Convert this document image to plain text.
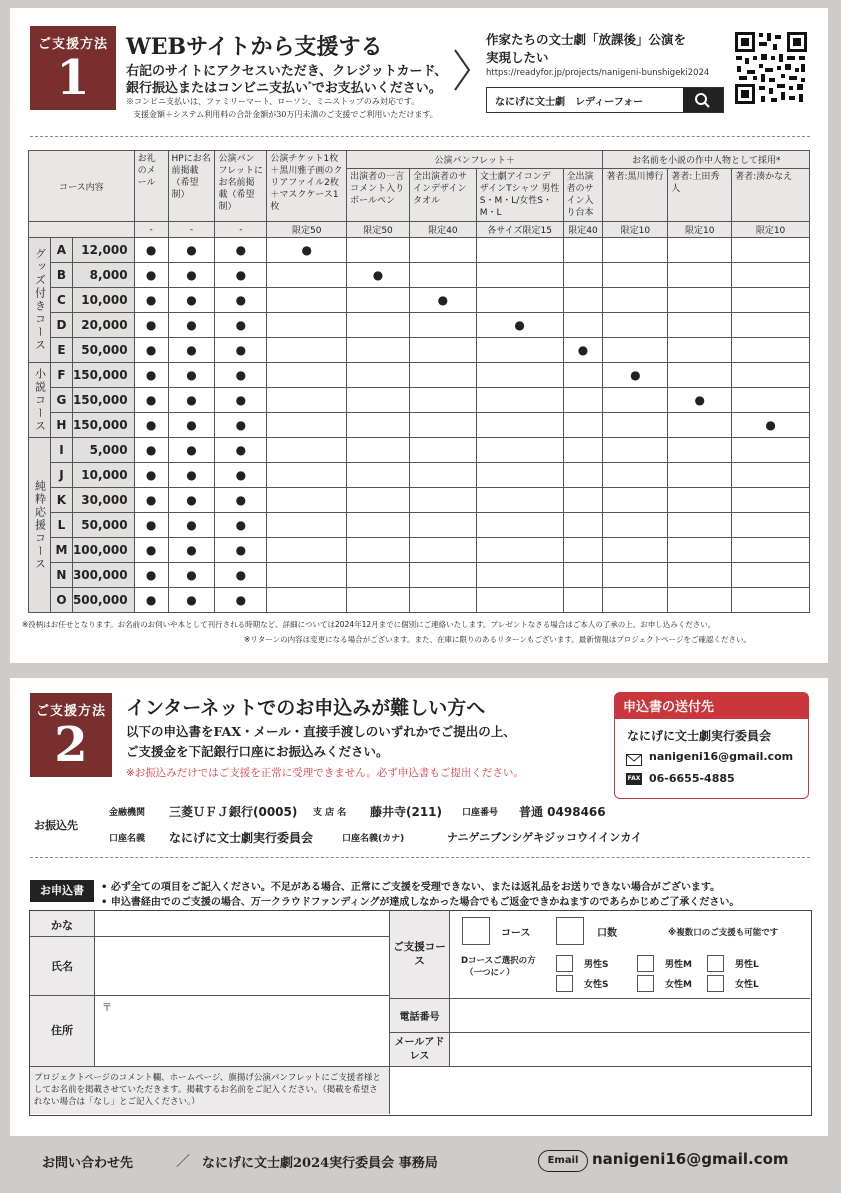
ご支援方法
1
WEBサイトから支援する
右記のサイトにアクセスいただき、クレジットカード、
銀行振込またはコンビニ支払い*でお支払いください。
※コンビニ支払いは、ファミリーマート、ローソン、ミニストップのみ対応です。
支援金額＋システム利用料の合計金額が30万円未満のご支援でご利用いただけます。
作家たちの文士劇「放課後」公演を
実現したい
https://readyfor.jp/projects/nanigeni-bunshigeki2024
なにげに文士劇　レディーフォー
コース内容			お礼のメール	HPにお名前掲載（希望制）	公演パンフレットにお名前掲載（希望制）	公演チケット1枚＋黒川雅子画のクリアファイル2枚＋マスクケース1枚	公演パンフレット＋				お名前を小説の作中人物として採用*		
							出演者の一言コメント入りボールペン	全出演者のサインデザインタオル	文士劇アイコンデザインTシャツ 男性S・M・L/女性S・M・L	全出演者のサイン入り台本	著者:黒川博行	著者:上田秀人	著者:湊かなえ
			-	-	-	限定50	限定50	限定40	各サイズ限定15	限定40	限定10	限定10	限定10
グッズ付きコース	A	12,000	●	●	●	●							
	B	8,000	●	●	●		●						
	C	10,000	●	●	●			●					
	D	20,000	●	●	●				●				
	E	50,000	●	●	●					●			
小説コース	F	150,000	●	●	●						●		
	G	150,000	●	●	●							●	
	H	150,000	●	●	●								●
純粋応援コース	I	5,000	●	●	●								
	J	10,000	●	●	●								
	K	30,000	●	●	●								
	L	50,000	●	●	●								
	M	100,000	●	●	●								
	N	300,000	●	●	●								
	O	500,000	●	●	●								
※役柄はお任せとなります。お名前のお伺いや本として刊行される時期など、詳細については2024年12月までに個別にご連絡いたします。プレゼントなさる場合はご本人の了承の上、お申し込みください。
※リターンの内容は変更になる場合がございます。また、在庫に限りのあるリターンもございます。最新情報はプロジェクトページをご確認ください。
ご支援方法
2
インターネットでのお申込みが難しい方へ
以下の申込書をFAX・メール・直接手渡しのいずれかでご提出の上、
ご支援金を下記銀行口座にお振込みください。
※お振込みだけではご支援を正常に受理できません。必ず申込書もご提出ください。
申込書の送付先
なにげに文士劇実行委員会
nanigeni16@gmail.com
FAX 06-6655-4885
お振込先
金融機関 三菱ＵＦＪ銀行(0005) 支 店 名 藤井寺(211) 口座番号 普通 0498466
口座名義 なにげに文士劇実行委員会	口座名義(カナ)	ナニゲニブンシゲキジッコウイインカイ
お申込書	• 必ず全ての項目をご記入ください。不足がある場合、正常にご支援を受理できない、または返礼品をお送りできない場合がございます。
• 申込書経由でのご支援の場合、万一クラウドファンディングが達成しなかった場合でもご返金できかねますのであらかじめご了承ください。
かな
氏名
住所
〒
ご支援コース
コース	口数	※複数口のご支援も可能です
Dコースご選択の方
（一つに✓）
男性S	男性M	男性L
女性S	女性M	女性L
電話番号
メールアドレス
プロジェクトページのコメント欄、ホームページ、旗揚げ公演パンフレットにご支援者様としてお名前を掲載させていただきます。掲載するお名前をご記入ください。（掲載を希望されない場合は「なし」とご記入ください。）
お問い合わせ先	／ なにげに文士劇2024実行委員会 事務局	Email nanigeni16@gmail.com
